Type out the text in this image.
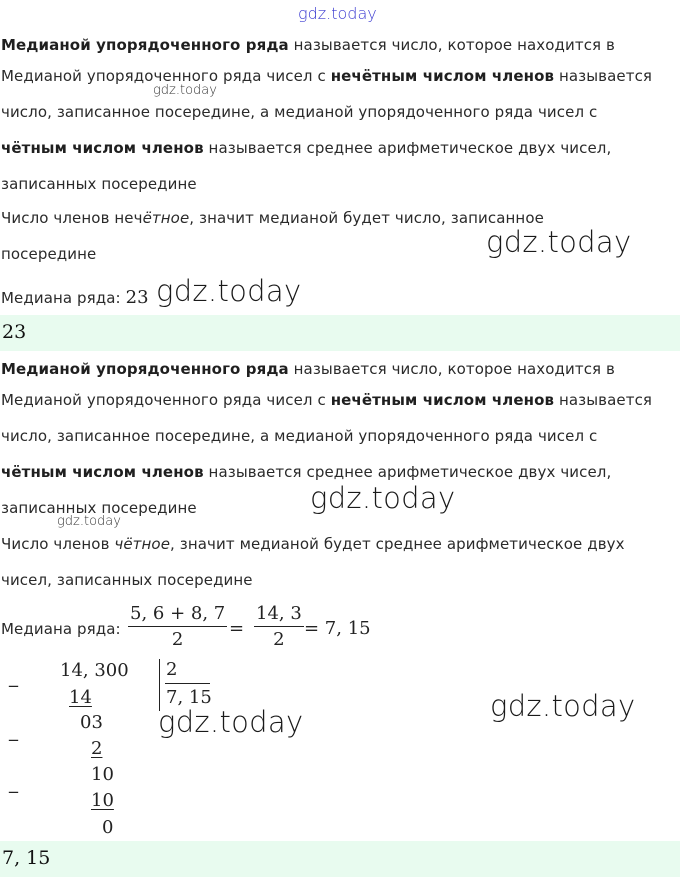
gdz.today
Медианой упорядоченного ряда называется число, которое находится в
Медианой упорядоченного ряда чисел с нечётным числом членов называется
gdz.today
число, записанное посередине, а медианой упорядоченного ряда чисел с
чётным числом членов называется среднее арифметическое двух чисел,
записанных посередине
Число членов нечётное, значит медианой будет число, записанное
gdz.today
посередине
Медиана ряда: 23 gdz.today
23
Медианой упорядоченного ряда называется число, которое находится в
Медианой упорядоченного ряда чисел с нечётным числом членов называется
число, записанное посередине, а медианой упорядоченного ряда чисел с
чётным числом членов называется среднее арифметическое двух чисел,
gdz.today
записанных посередине
gdz.today
Число членов чётное, значит медианой будет среднее арифметическое двух
чисел, записанных посередине
Медиана ряда: $\frac{5, 6 + 8, 7}{2} = \frac{14, 3}{2} = 7$, 15
_ 14, 300 2
7, 15
14	gdz.today
gdz.today
03
_
2
10
_
10
0
7, 15
